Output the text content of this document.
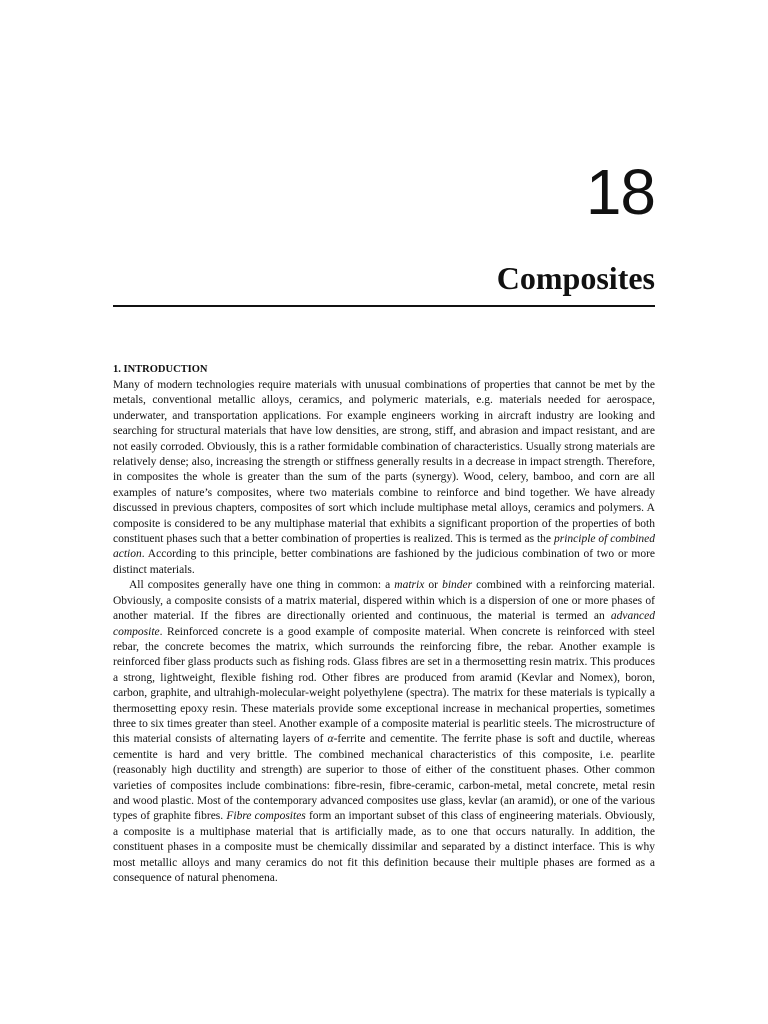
18
Composites
1. INTRODUCTION

Many of modern technologies require materials with unusual combinations of properties that cannot be met by the metals, conventional metallic alloys, ceramics, and polymeric materials, e.g. materials needed for aerospace, underwater, and transportation applications. For example engineers working in aircraft industry are looking and searching for structural materials that have low densities, are strong, stiff, and abrasion and impact resistant, and are not easily corroded. Obviously, this is a rather formidable combination of characteristics. Usually strong materials are relatively dense; also, increasing the strength or stiffness generally results in a decrease in impact strength. Therefore, in composites the whole is greater than the sum of the parts (synergy). Wood, celery, bamboo, and corn are all examples of nature’s composites, where two materials combine to reinforce and bind together. We have already discussed in previous chapters, composites of sort which include multiphase metal alloys, ceramics and polymers. A composite is considered to be any multiphase material that exhibits a significant proportion of the properties of both constituent phases such that a better combination of properties is realized. This is termed as the principle of combined action. According to this principle, better combinations are fashioned by the judicious combination of two or more distinct materials.

All composites generally have one thing in common: a matrix or binder combined with a reinforcing material. Obviously, a composite consists of a matrix material, dispered within which is a dispersion of one or more phases of another material. If the fibres are directionally oriented and continuous, the material is termed an advanced composite. Reinforced concrete is a good example of composite material. When concrete is reinforced with steel rebar, the concrete becomes the matrix, which surrounds the reinforcing fibre, the rebar. Another example is reinforced fiber glass products such as fishing rods. Glass fibres are set in a thermosetting resin matrix. This produces a strong, lightweight, flexible fishing rod. Other fibres are produced from aramid (Kevlar and Nomex), boron, carbon, graphite, and ultrahigh-molecular-weight polyethylene (spectra). The matrix for these materials is typically a thermosetting epoxy resin. These materials provide some exceptional increase in mechanical properties, sometimes three to six times greater than steel. Another example of a composite material is pearlitic steels. The microstructure of this material consists of alternating layers of α-ferrite and cementite. The ferrite phase is soft and ductile, whereas cementite is hard and very brittle. The combined mechanical characteristics of this composite, i.e. pearlite (reasonably high ductility and strength) are superior to those of either of the constituent phases. Other common varieties of composites include combinations: fibre-resin, fibre-ceramic, carbon-metal, metal concrete, metal resin and wood plastic. Most of the contemporary advanced composites use glass, kevlar (an aramid), or one of the various types of graphite fibres. Fibre composites form an important subset of this class of engineering materials. Obviously, a composite is a multiphase material that is artificially made, as to one that occurs naturally. In addition, the constituent phases in a composite must be chemically dissimilar and separated by a distinct interface. This is why most metallic alloys and many ceramics do not fit this definition because their multiple phases are formed as a consequence of natural phenomena.
